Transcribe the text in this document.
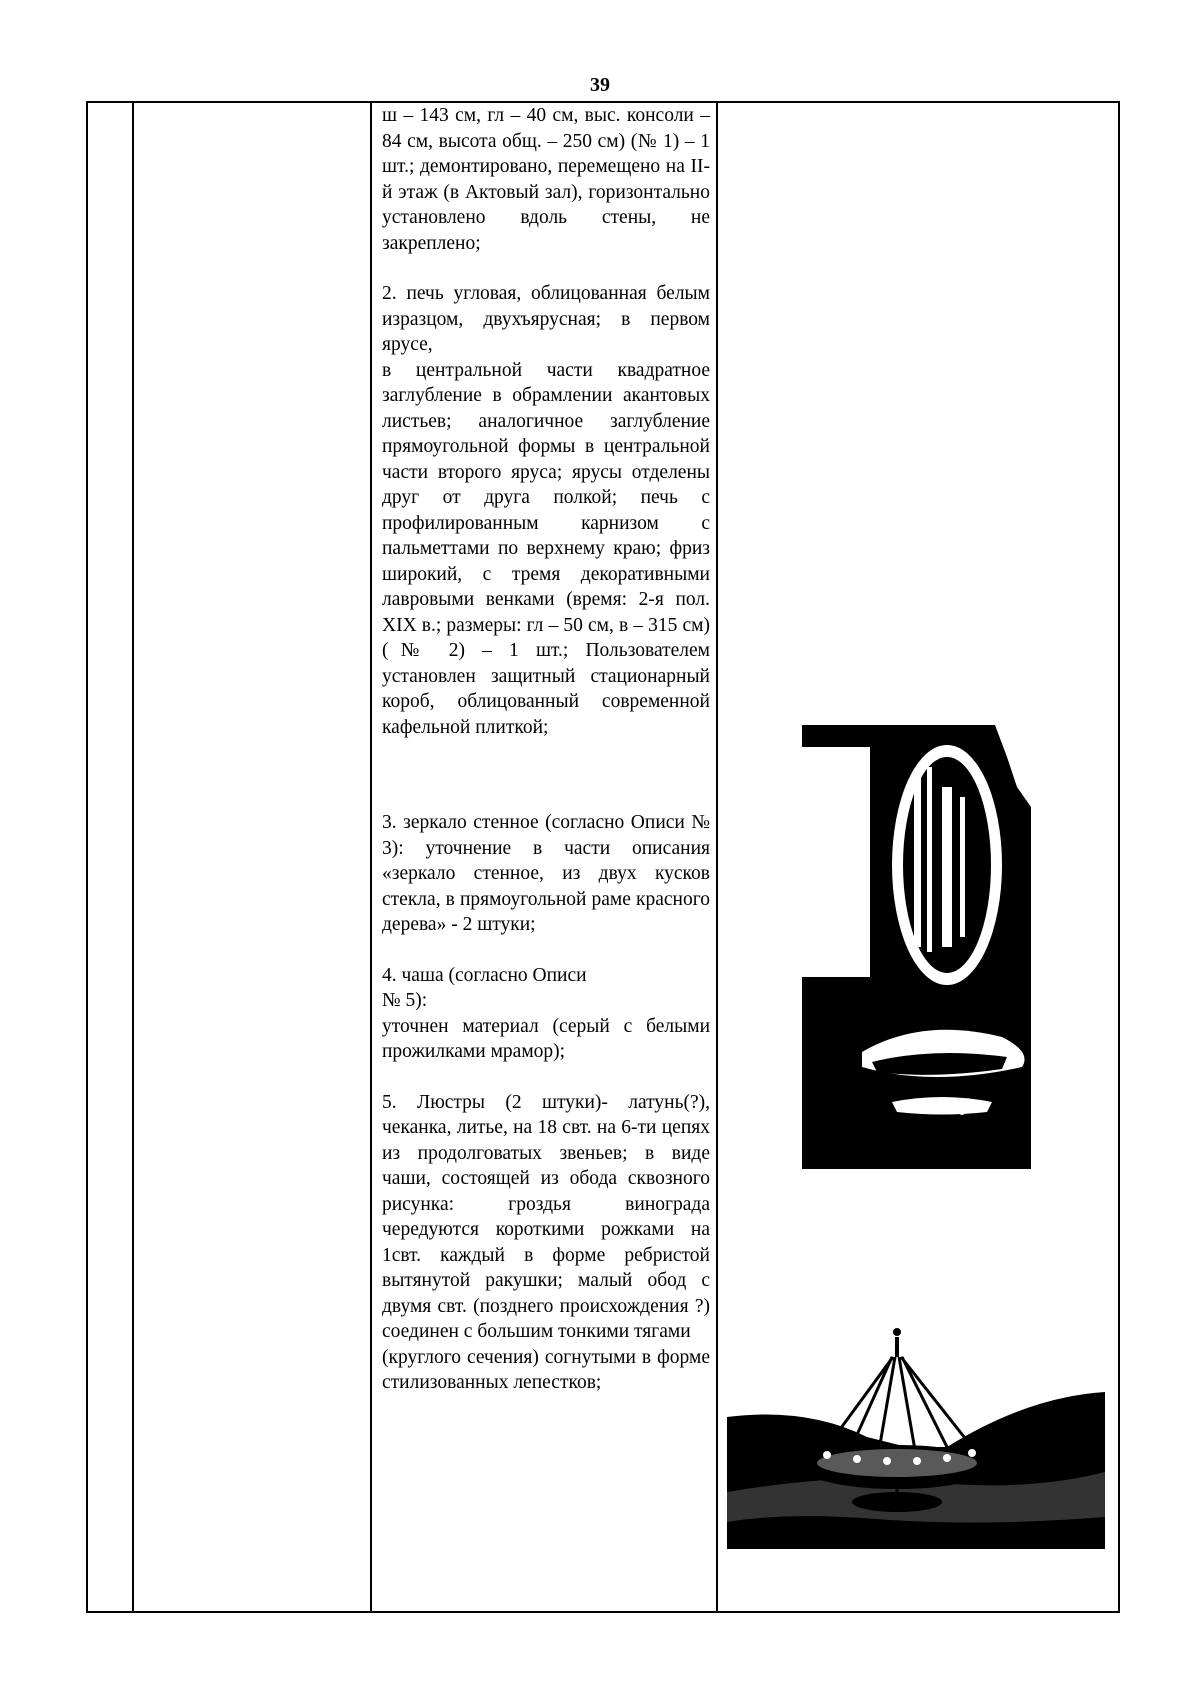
39

ш – 143 см, гл – 40 см, выс. консоли – 84 см, высота общ. – 250 см) (№ 1) – 1 шт.; демонтировано, перемещено на II-й этаж (в Актовый зал), горизонтально установлено вдоль стены, не закреплено;

2. печь угловая, облицованная белым изразцом, двухъярусная; в первом ярусе,

в центральной части квадратное заглубление в обрамлении акантовых листьев; аналогичное заглубление прямоугольной формы в центральной части второго яруса; ярусы отделены друг от друга полкой; печь с профилированным карнизом с пальметтами по верхнему краю; фриз широкий, с тремя декоративными лавровыми венками (время: 2-я пол. XIX в.; размеры: гл – 50 см, в – 315 см) (№ 2) – 1 шт.; Пользователем установлен защитный стационарный короб, облицованный современной кафельной плиткой;

3. зеркало стенное (согласно Описи № 3): уточнение в части описания «зеркало стенное, из двух кусков стекла, в прямоугольной раме красного дерева» - 2 штуки;

4. чаша (согласно Описи

№ 5):

уточнен материал (серый с белыми прожилками мрамор);

5. Люстры (2 штуки)- латунь(?), чеканка, литье, на 18 свт. на 6-ти цепях из продолговатых звеньев; в виде чаши, состоящей из обода сквозного рисунка: гроздья винограда чередуются короткими рожками на 1свт. каждый в форме ребристой вытянутой ракушки; малый обод с двумя свт. (позднего происхождения ?) соединен с большим тонкими тягами

(круглого сечения) согнутыми в форме стилизованных лепестков;
